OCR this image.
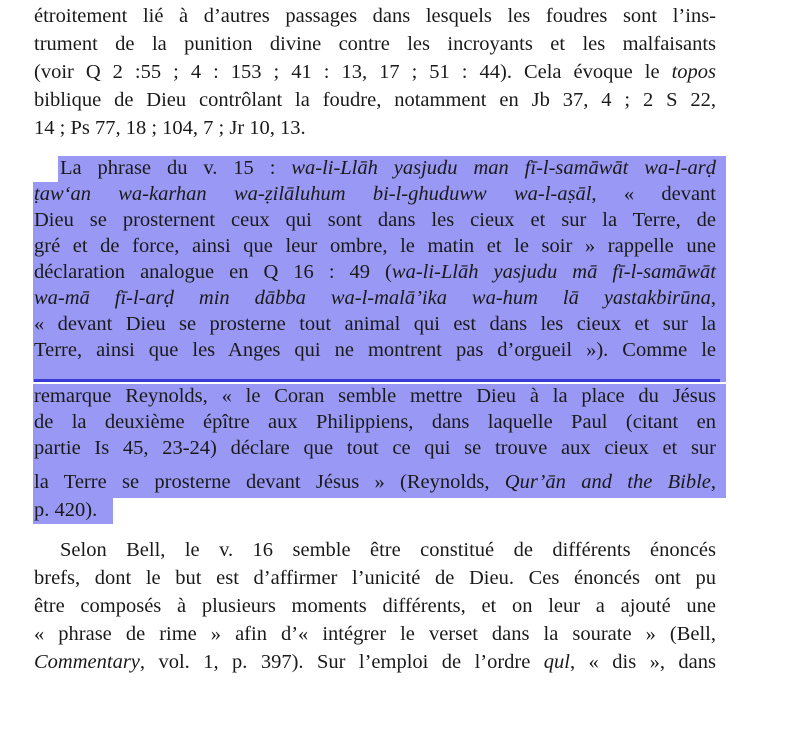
étroitement lié à d’autres passages dans lesquels les foudres sont l’ins-
trument de la punition divine contre les incroyants et les malfaisants
(voir Q 2 :55 ; 4 : 153 ; 41 : 13, 17 ; 51 : 44). Cela évoque le topos
biblique de Dieu contrôlant la foudre, notamment en Jb 37, 4 ; 2 S 22,
14 ; Ps 77, 18 ; 104, 7 ; Jr 10, 13.
La phrase du v. 15 : wa-li-Llāh yasjudu man fī-l-samāwāt wa-l-arḍ
ṭaw‘an wa-karhan wa-ẓilāluhum bi-l-ghuduww wa-l-aṣāl, « devant
Dieu se prosternent ceux qui sont dans les cieux et sur la Terre, de
gré et de force, ainsi que leur ombre, le matin et le soir » rappelle une
déclaration analogue en Q 16 : 49 (wa-li-Llāh yasjudu mā fī-l-samāwāt
wa-mā fī-l-arḍ min dābba wa-l-malā’ika wa-hum lā yastakbirūna,
« devant Dieu se prosterne tout animal qui est dans les cieux et sur la
Terre, ainsi que les Anges qui ne montrent pas d’orgueil »). Comme le
remarque Reynolds, « le Coran semble mettre Dieu à la place du Jésus
de la deuxième épître aux Philippiens, dans laquelle Paul (citant en
partie Is 45, 23-24) déclare que tout ce qui se trouve aux cieux et sur
la Terre se prosterne devant Jésus » (Reynolds, Qur’ān and the Bible,
p. 420).
Selon Bell, le v. 16 semble être constitué de différents énoncés
brefs, dont le but est d’affirmer l’unicité de Dieu. Ces énoncés ont pu
être composés à plusieurs moments différents, et on leur a ajouté une
« phrase de rime » afin d’« intégrer le verset dans la sourate » (Bell,
Commentary, vol. 1, p. 397). Sur l’emploi de l’ordre qul, « dis », dans
